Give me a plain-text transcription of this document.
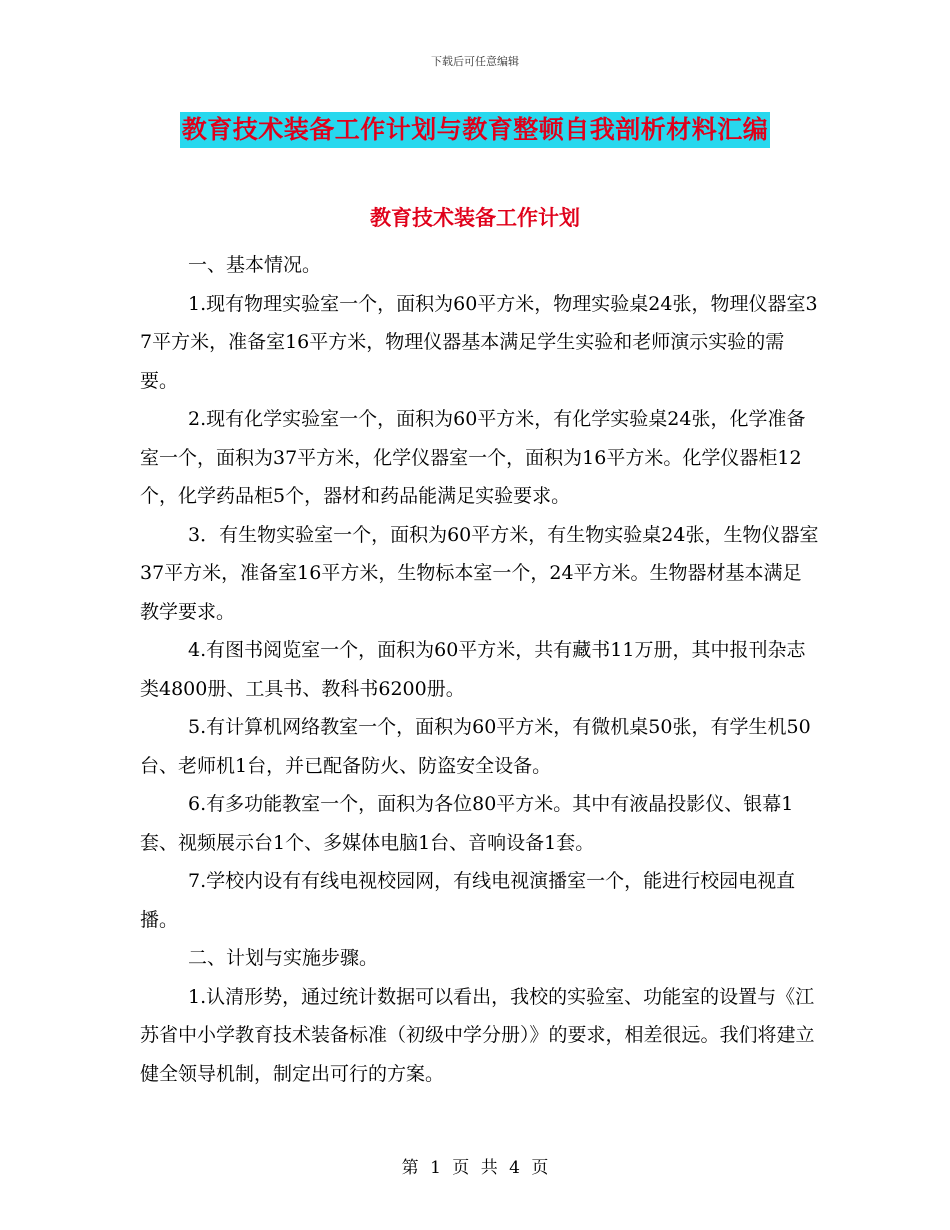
下载后可任意编辑
教育技术装备工作计划与教育整顿自我剖析材料汇编
教育技术装备工作计划

一、基本情况。

1.现有物理实验室一个，面积为60平方米，物理实验桌24张，物理仪器室37平方米，准备室16平方米，物理仪器基本满足学生实验和老师演示实验的需要。

2.现有化学实验室一个，面积为60平方米，有化学实验桌24张，化学准备室一个，面积为37平方米，化学仪器室一个，面积为16平方米。化学仪器柜12个，化学药品柜5个，器材和药品能满足实验要求。

3．有生物实验室一个，面积为60平方米，有生物实验桌24张，生物仪器室37平方米，准备室16平方米，生物标本室一个，24平方米。生物器材基本满足教学要求。

4.有图书阅览室一个，面积为60平方米，共有藏书11万册，其中报刊杂志类4800册、工具书、教科书6200册。

5.有计算机网络教室一个，面积为60平方米，有微机桌50张，有学生机50台、老师机1台，并已配备防火、防盗安全设备。

6.有多功能教室一个，面积为各位80平方米。其中有液晶投影仪、银幕1套、视频展示台1个、多媒体电脑1台、音响设备1套。

7.学校内设有有线电视校园网，有线电视演播室一个，能进行校园电视直播。

二、计划与实施步骤。

1.认清形势，通过统计数据可以看出，我校的实验室、功能室的设置与《江苏省中小学教育技术装备标准（初级中学分册）》的要求，相差很远。我们将建立健全领导机制，制定出可行的方案。

第 1 页 共 4 页
